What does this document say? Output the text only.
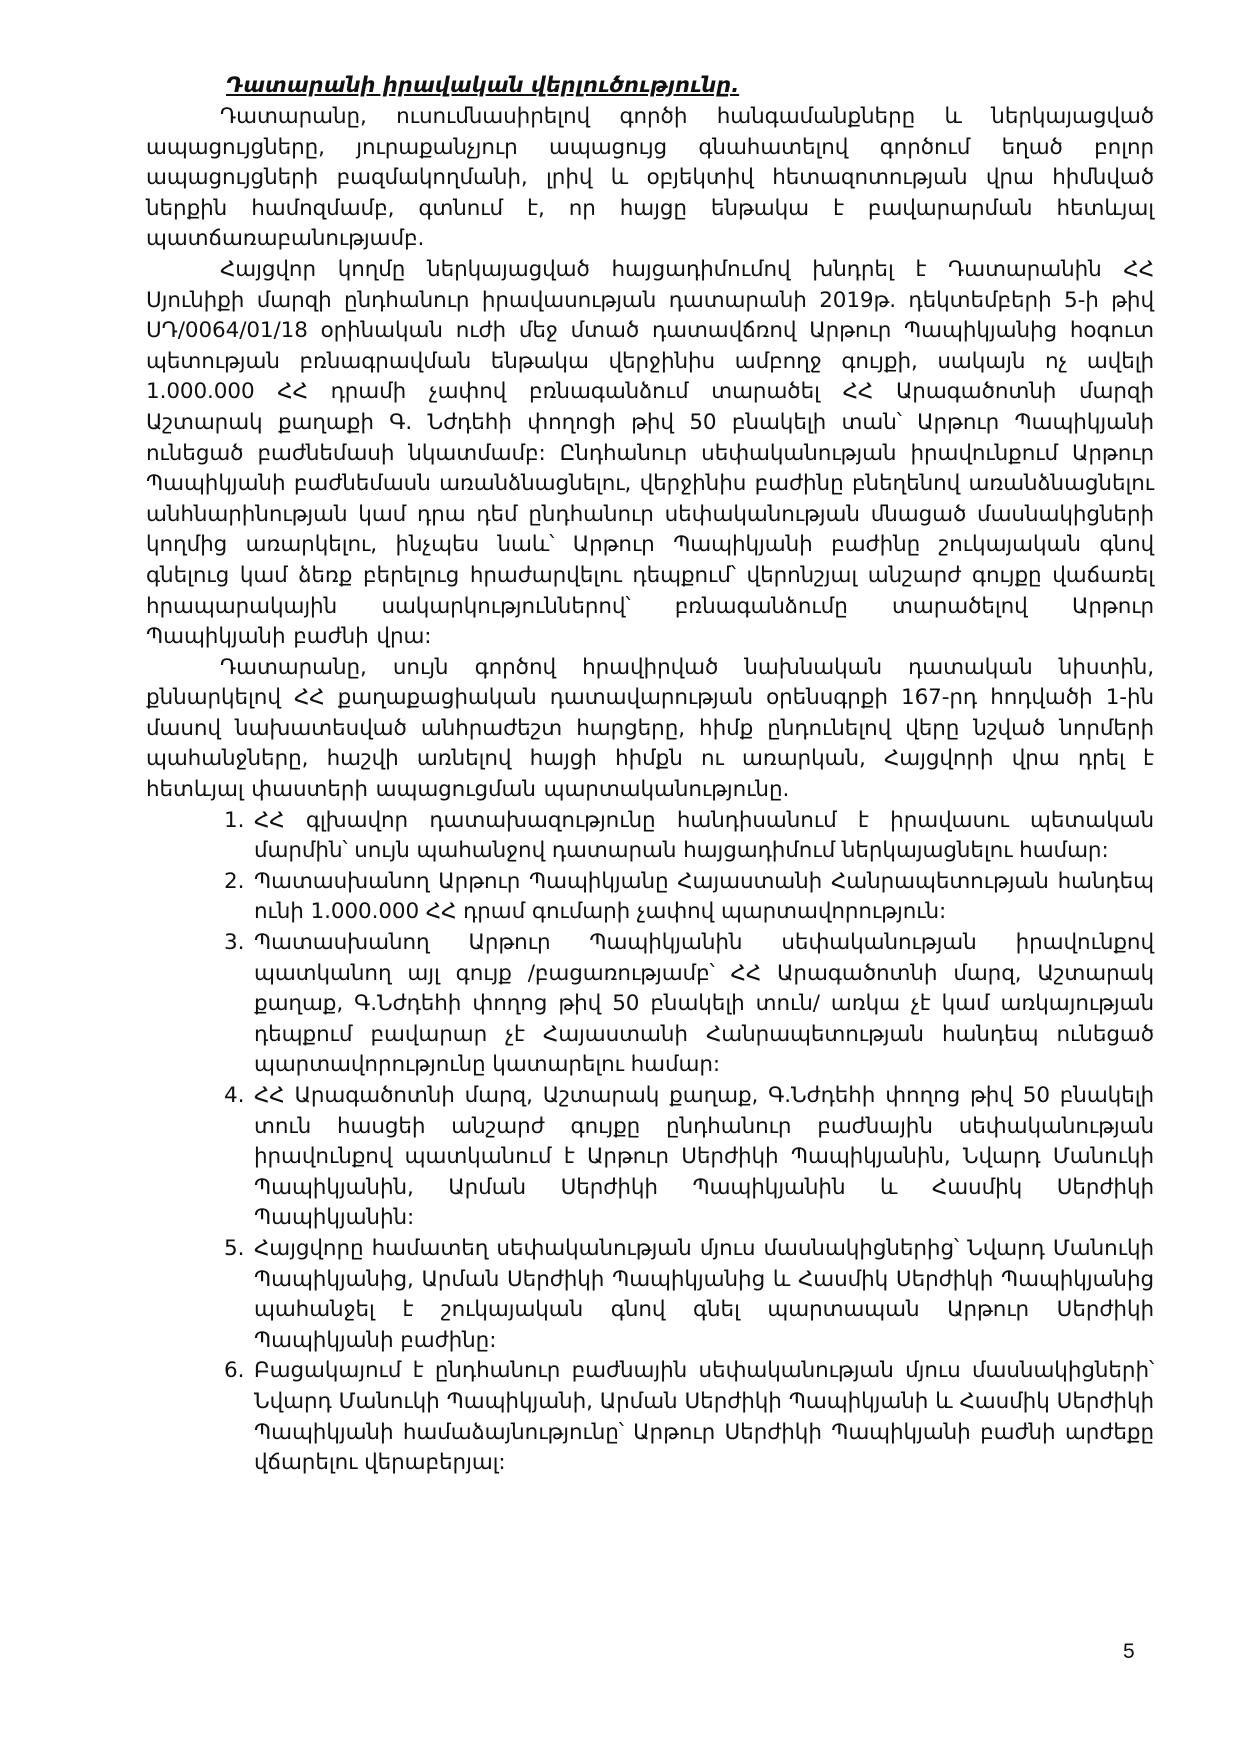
Դատարանի իրավական վերլուծությունը.

Դատարանը, ուսումնասիրելով գործի հանգամանքները և ներկայացված ապացույցները, յուրաքանչյուր ապացույց գնահատելով գործում եղած բոլոր ապացույցների բազմակողմանի, լրիվ և օբյեկտիվ հետազոտության վրա հիմնված ներքին համոզմամբ, գտնում է, որ հայցը ենթակա է բավարարման հետևյալ պատճառաբանությամբ.

Հայցվոր կողմը ներկայացված հայցադիմումով խնդրել է Դատարանին ՀՀ Սյունիքի մարզի ընդհանուր իրավասության դատարանի 2019թ. դեկտեմբերի 5-ի թիվ ՍԴ/0064/01/18 օրինական ուժի մեջ մտած դատավճռով Արթուր Պապիկյանից հօգուտ պետության բռնագրավման ենթակա վերջինիս ամբողջ գույքի, սակայն ոչ ավելի 1.000.000 ՀՀ դրամի չափով բռնագանձում տարածել ՀՀ Արագածոտնի մարզի Աշտարակ քաղաքի Գ. Նժդեհի փողոցի թիվ 50 բնակելի տան՝ Արթուր Պապիկյանի ունեցած բաժնեմասի նկատմամբ: Ընդհանուր սեփականության իրավունքում Արթուր Պապիկյանի բաժնեմասն առանձնացնելու, վերջինիս բաժինը բնեղենով առանձնացնելու անհնարինության կամ դրա դեմ ընդհանուր սեփականության մնացած մասնակիցների կողմից առարկելու, ինչպես նաև՝ Արթուր Պապիկյանի բաժինը շուկայական գնով գնելուց կամ ձեռք բերելուց հրաժարվելու դեպքում՝ վերոնշյալ անշարժ գույքը վաճառել հրապարակային սակարկություններով՝ բռնագանձումը տարածելով Արթուր Պապիկյանի բաժնի վրա:

Դատարանը, սույն գործով հրավիրված նախնական դատական նիստին, քննարկելով ՀՀ քաղաքացիական դատավարության օրենսգրքի 167-րդ հոդվածի 1-ին մասով նախատեսված անհրաժեշտ հարցերը, հիմք ընդունելով վերը նշված նորմերի պահանջները, հաշվի առնելով հայցի հիմքն ու առարկան, Հայցվորի վրա դրել է հետևյալ փաստերի ապացուցման պարտականությունը.

1. ՀՀ գլխավոր դատախազությունը հանդիսանում է իրավասու պետական մարմին՝ սույն պահանջով դատարան հայցադիմում ներկայացնելու համար:
2. Պատասխանող Արթուր Պապիկյանը Հայաստանի Հանրապետության հանդեպ ունի 1.000.000 ՀՀ դրամ գումարի չափով պարտավորություն:
3. Պատասխանող Արթուր Պապիկյանին սեփականության իրավունքով պատկանող այլ գույք /բացառությամբ՝ ՀՀ Արագածոտնի մարզ, Աշտարակ քաղաք, Գ.Նժդեհի փողոց թիվ 50 բնակելի տուն/ առկա չէ կամ առկայության դեպքում բավարար չէ Հայաստանի Հանրապետության հանդեպ ունեցած պարտավորությունը կատարելու համար:
4. ՀՀ Արագածոտնի մարզ, Աշտարակ քաղաք, Գ.Նժդեհի փողոց թիվ 50 բնակելի տուն հասցեի անշարժ գույքը ընդհանուր բաժնային սեփականության իրավունքով պատկանում է Արթուր Սերժիկի Պապիկյանին, Նվարդ Մանուկի Պապիկյանին, Արման Սերժիկի Պապիկյանին և Հասմիկ Սերժիկի Պապիկյանին:
5. Հայցվորը համատեղ սեփականության մյուս մասնակիցներից՝ Նվարդ Մանուկի Պապիկյանից, Արման Սերժիկի Պապիկյանից և Հասմիկ Սերժիկի Պապիկյանից պահանջել է շուկայական գնով գնել պարտապան Արթուր Սերժիկի Պապիկյանի բաժինը:
6. Բացակայում է ընդհանուր բաժնային սեփականության մյուս մասնակիցների՝ Նվարդ Մանուկի Պապիկյանի, Արման Սերժիկի Պապիկյանի և Հասմիկ Սերժիկի Պապիկյանի համաձայնությունը՝ Արթուր Սերժիկի Պապիկյանի բաժնի արժեքը վճարելու վերաբերյալ:
5
